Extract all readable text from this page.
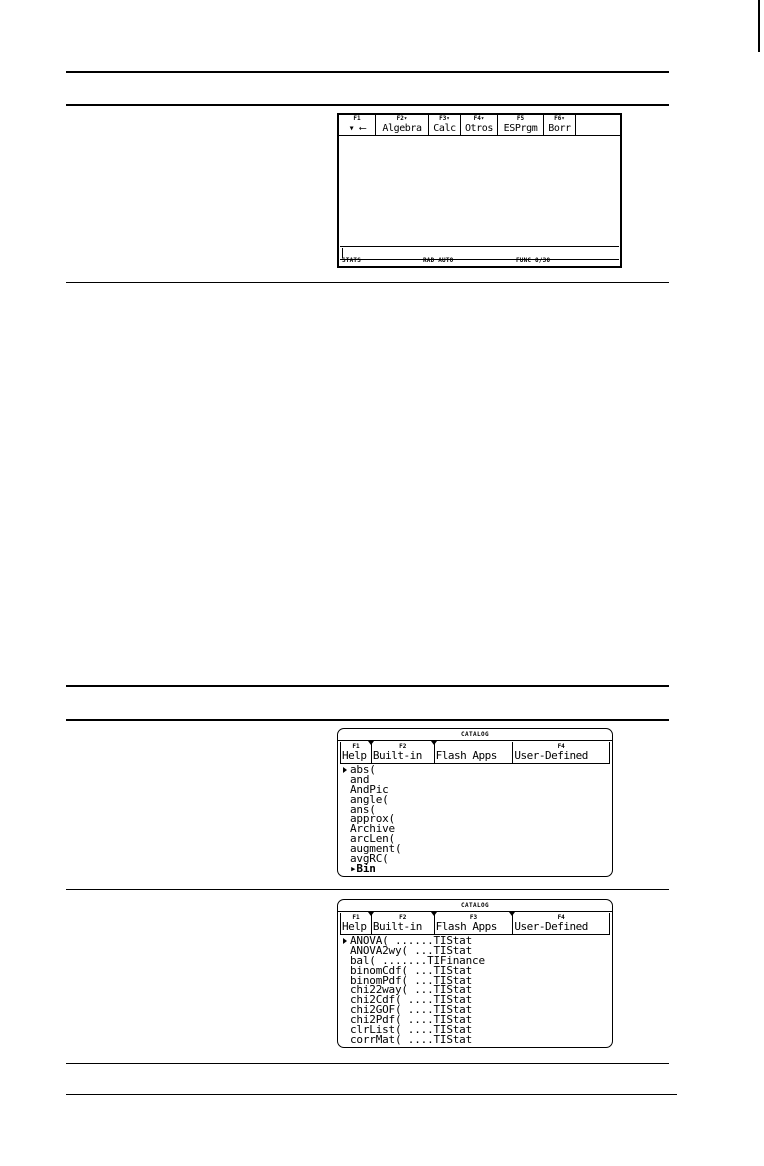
F1
▾ ⟵
F2▾
Algebra
F3▾
Calc
F4▾
Otros
F5
ESPrgm
F6▾
Borr
STATS	RAD AUTO	FUNC 0/30
CATALOG
F1
Help
F2
Built-in	Flash Apps
F4
User-Defined
abs(
and
AndPic
angle(
ans(
approx(
Archive
arcLen(
augment(
avgRC(
▸Bin
CATALOG
F1
Help
F2
Built-in
F3
Flash Apps
F4
User-Defined
ANOVA( ......TIStat
ANOVA2wy( ...TIStat
bal( .......TIFinance
binomCdf( ...TIStat
binomPdf( ...TIStat
chi22way( ...TIStat
chi2Cdf( ....TIStat
chi2GOF( ....TIStat
chi2Pdf( ....TIStat
clrList( ....TIStat
corrMat( ....TIStat
